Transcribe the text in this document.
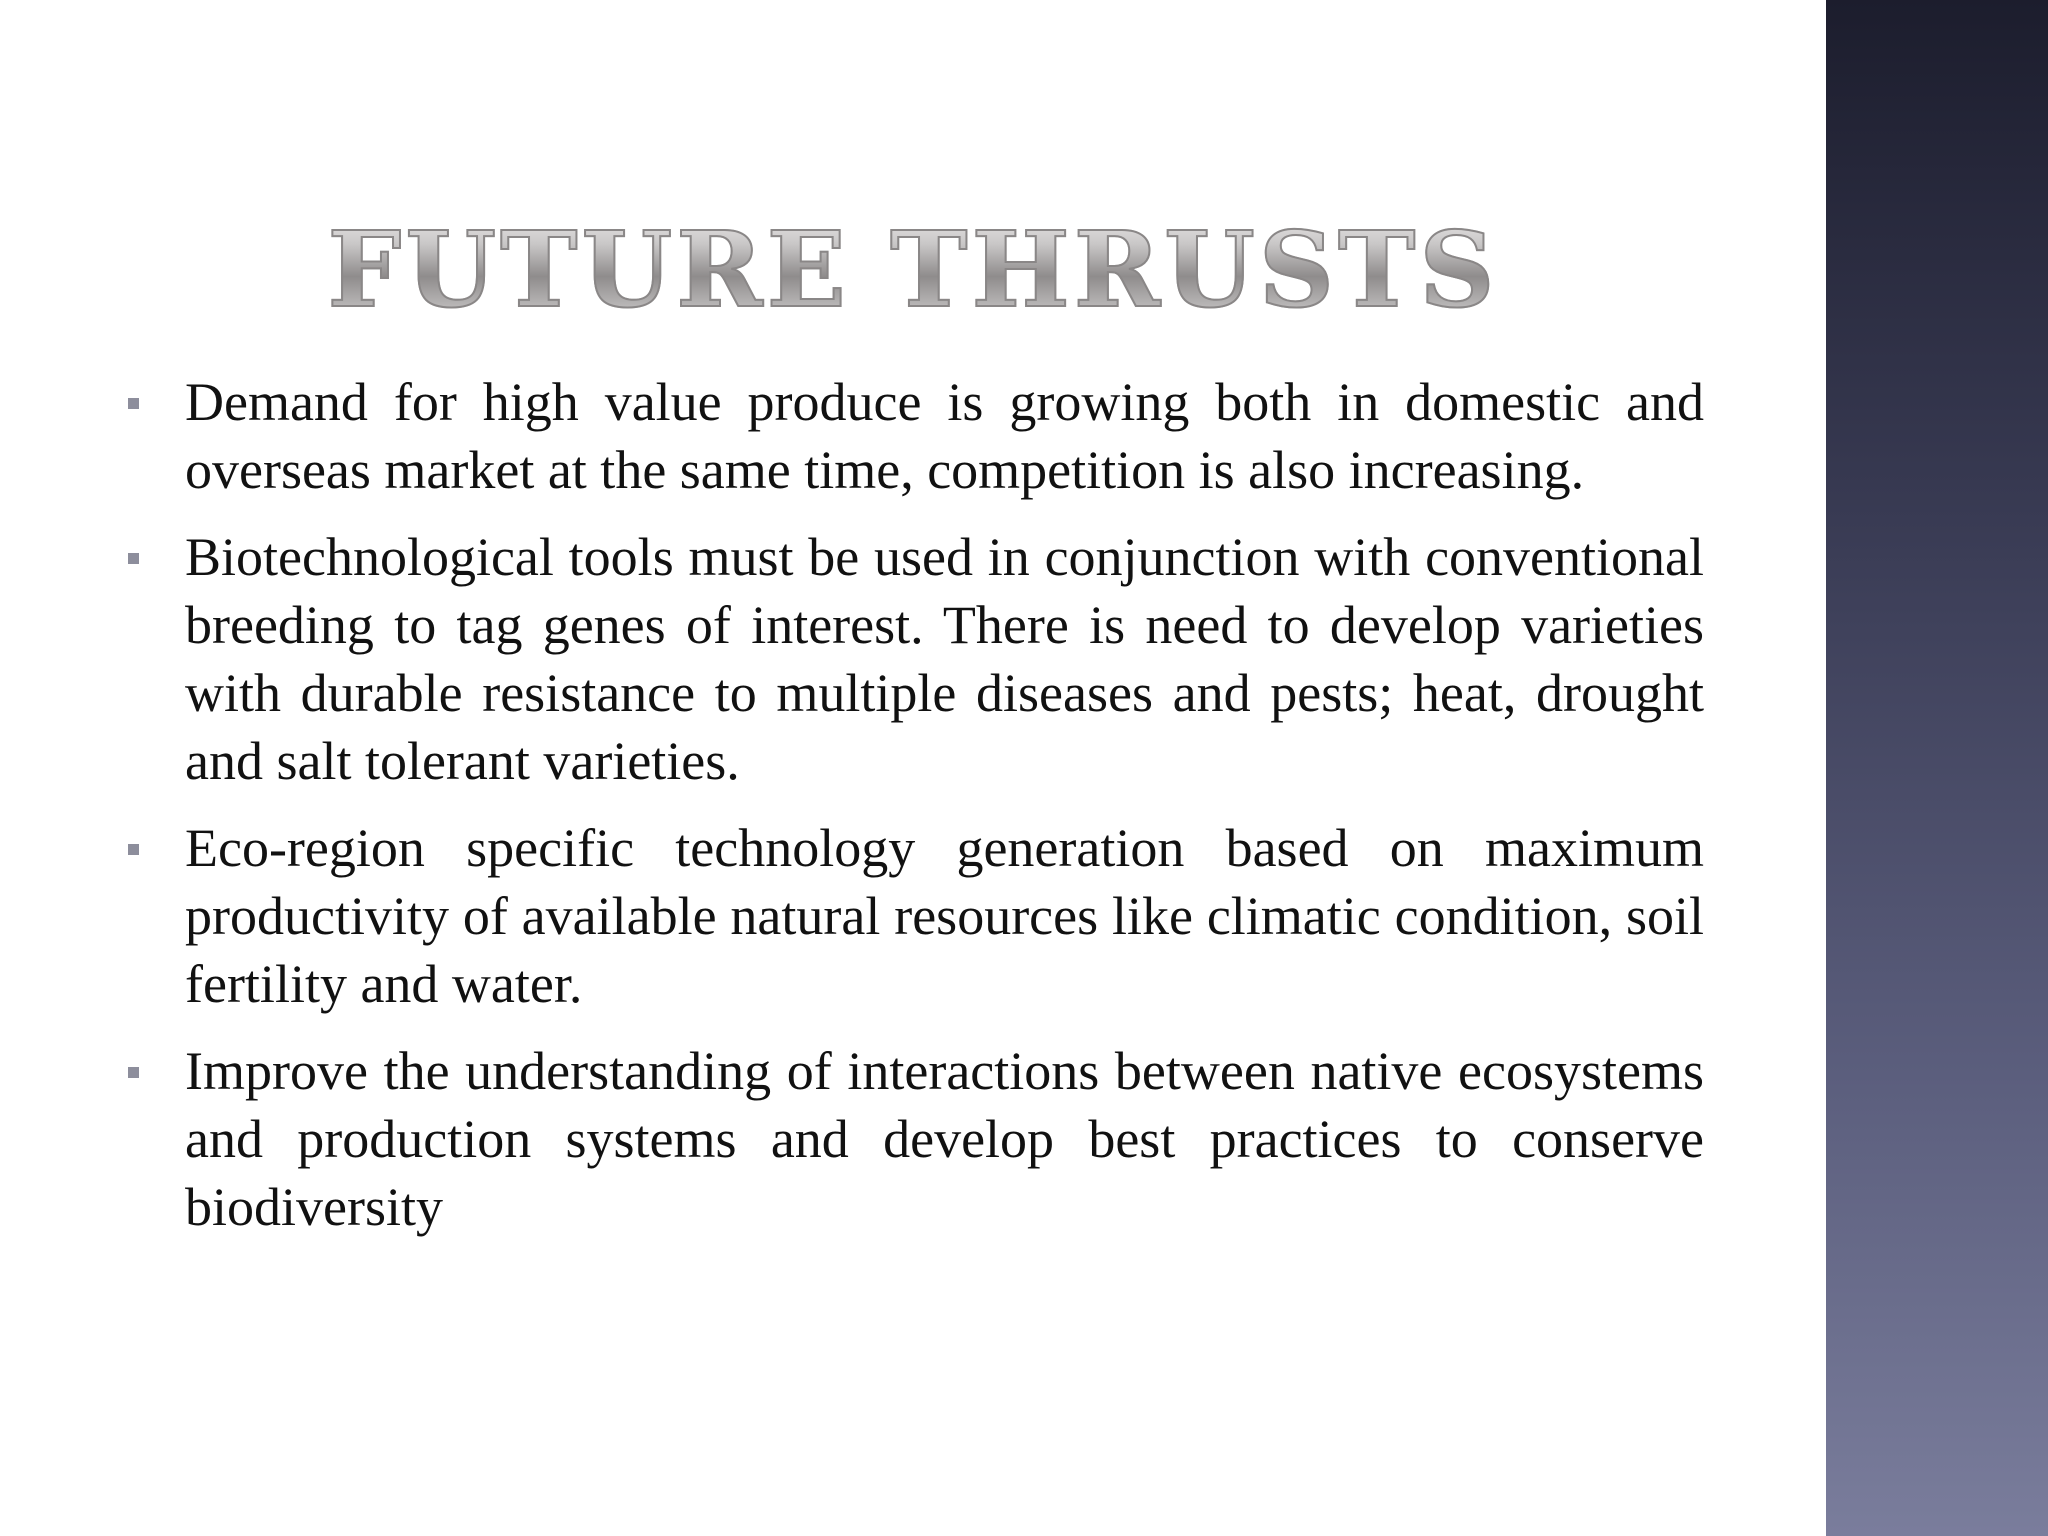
FUTURE THRUSTS
Demand for high value produce is growing both in domestic and overseas market at the same time, competition is also increasing.
Biotechnological tools must be used in conjunction with conventional breeding to tag genes of interest. There is need to develop varieties with durable resistance to multiple diseases and pests; heat, drought and salt tolerant varieties.
Eco-region specific technology generation based on maximum productivity of available natural resources like climatic condition, soil fertility and water.
Improve the understanding of interactions between native ecosystems and production systems and develop best practices to conserve biodiversity
